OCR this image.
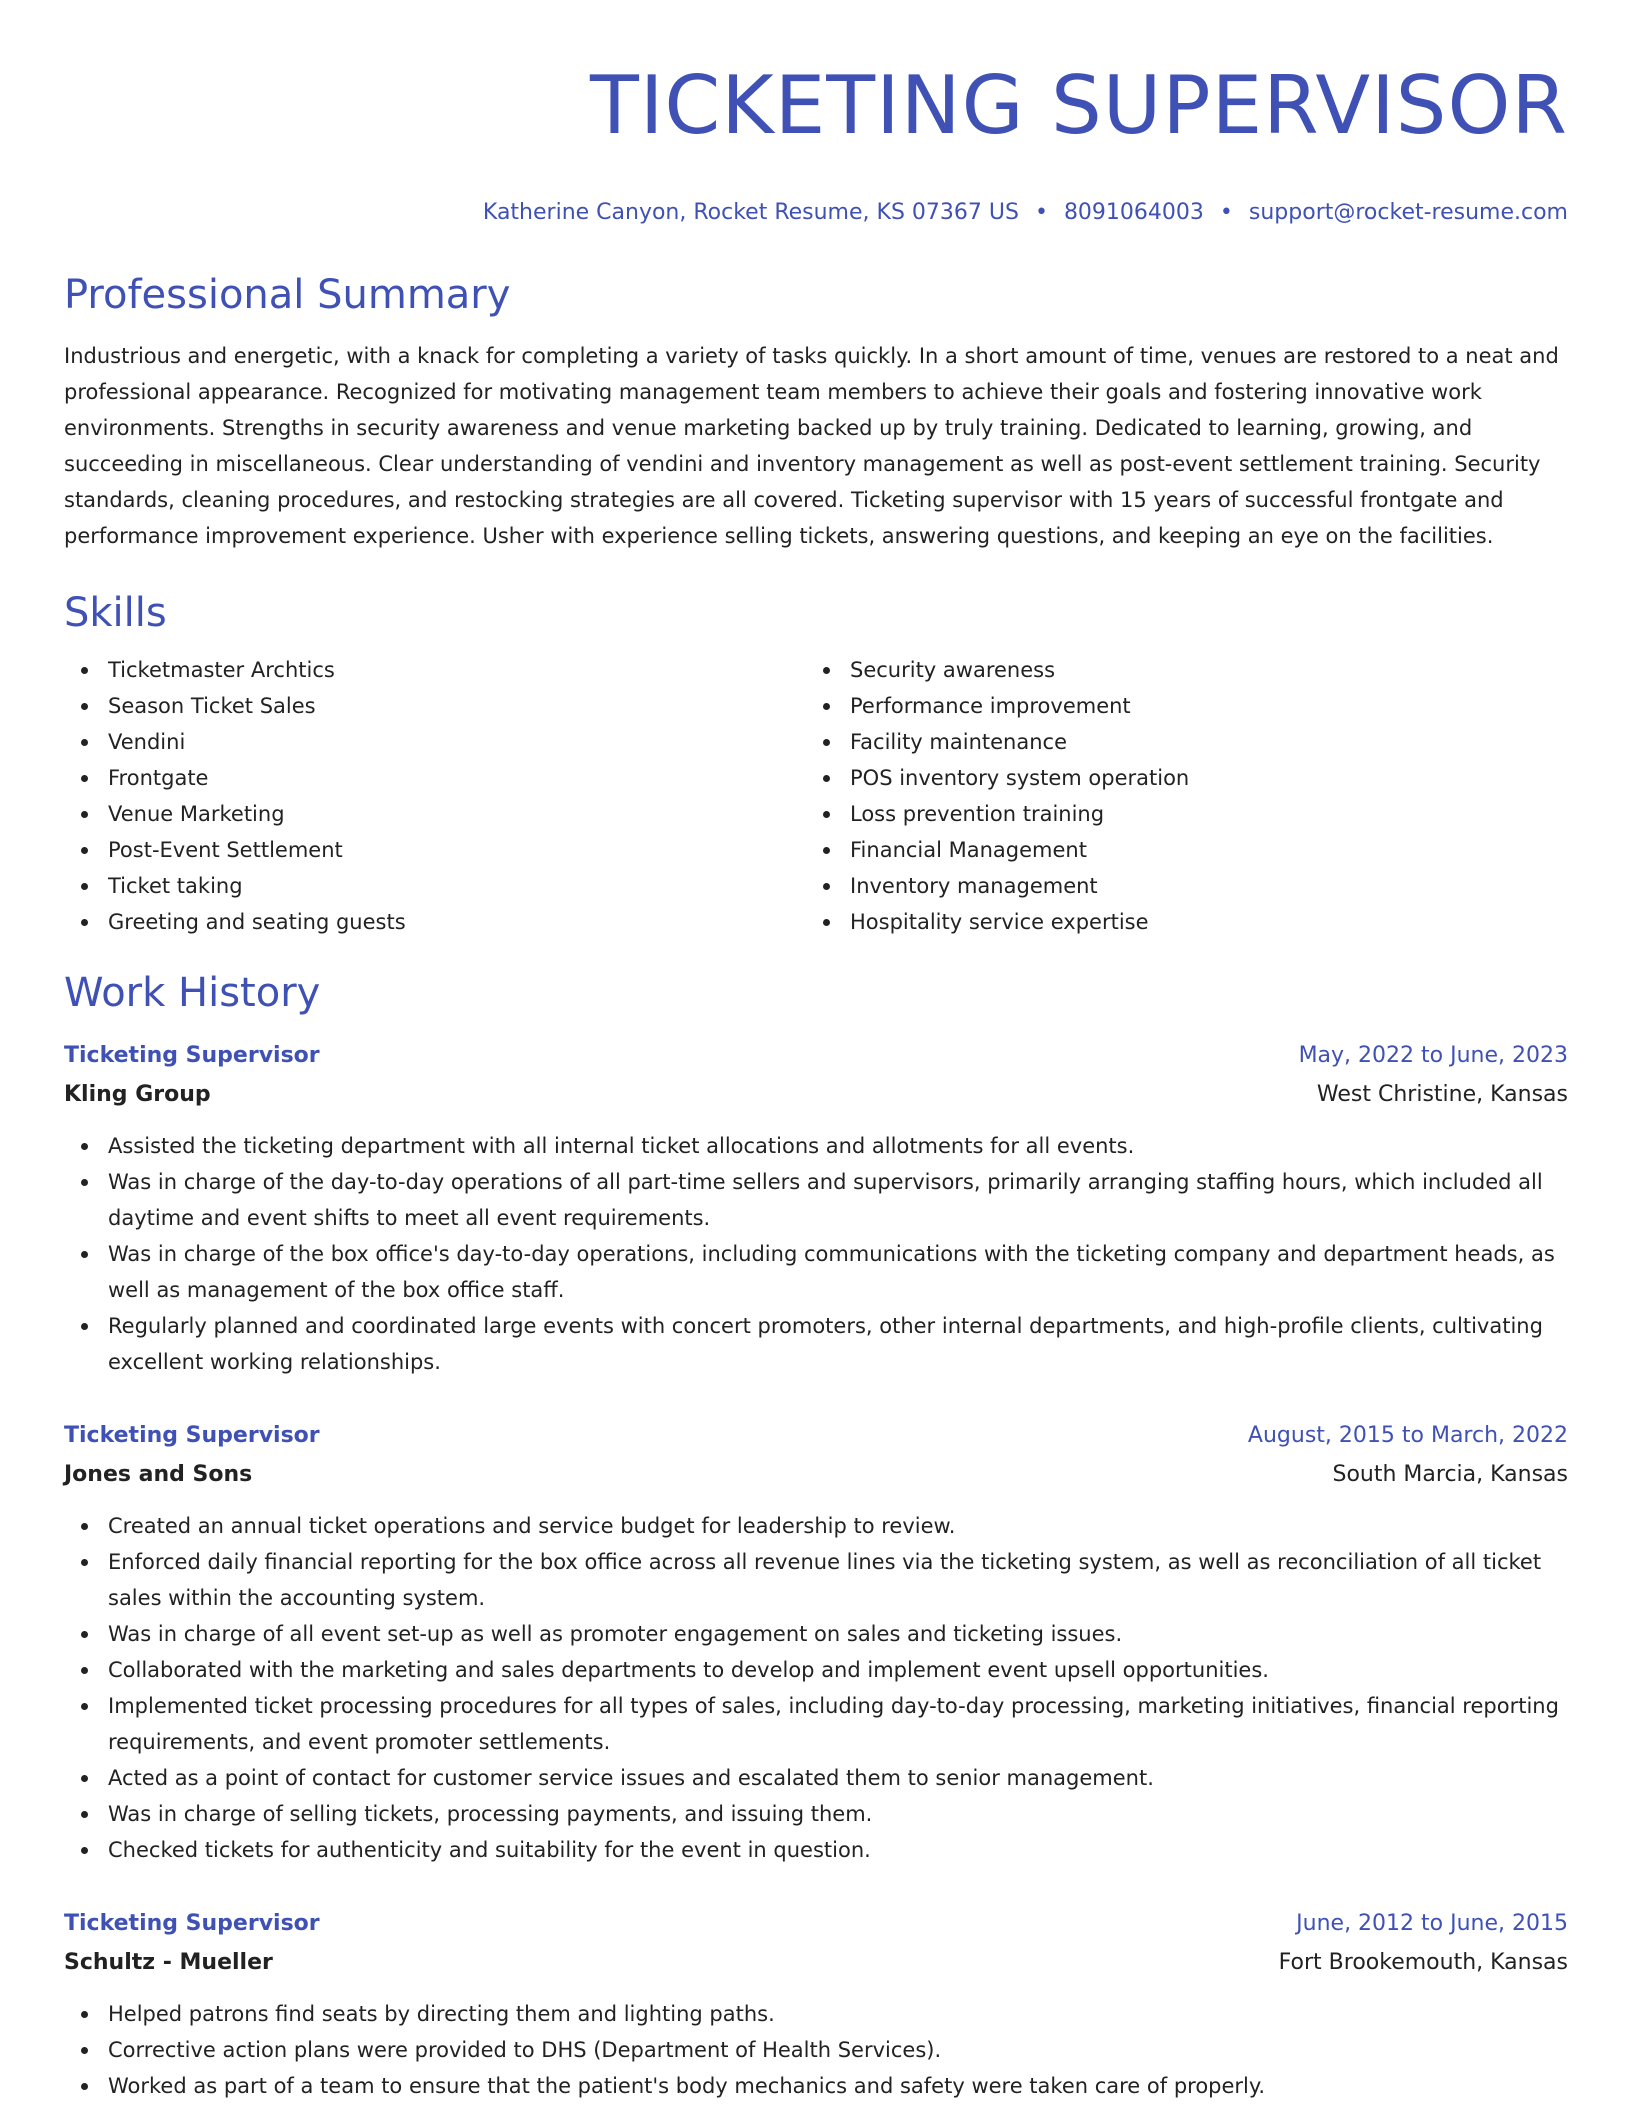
TICKETING SUPERVISOR
Katherine Canyon, Rocket Resume, KS 07367 US • 8091064003 • support@rocket-resume.com
Professional Summary

Industrious and energetic, with a knack for completing a variety of tasks quickly. In a short amount of time, venues are restored to a neat and professional appearance. Recognized for motivating management team members to achieve their goals and fostering innovative work environments. Strengths in security awareness and venue marketing backed up by truly training. Dedicated to learning, growing, and succeeding in miscellaneous. Clear understanding of vendini and inventory management as well as post-event settlement training. Security standards, cleaning procedures, and restocking strategies are all covered. Ticketing supervisor with 15 years of successful frontgate and performance improvement experience. Usher with experience selling tickets, answering questions, and keeping an eye on the facilities.

Skills
Ticketmaster Archtics
Season Ticket Sales
Vendini
Frontgate
Venue Marketing
Post-Event Settlement
Ticket taking
Greeting and seating guests
Security awareness
Performance improvement
Facility maintenance
POS inventory system operation
Loss prevention training
Financial Management
Inventory management
Hospitality service expertise
Work History
Ticketing Supervisor	May, 2022 to June, 2023
Kling Group	West Christine, Kansas
Assisted the ticketing department with all internal ticket allocations and allotments for all events.
Was in charge of the day-to-day operations of all part-time sellers and supervisors, primarily arranging staffing hours, which included all daytime and event shifts to meet all event requirements.
Was in charge of the box office's day-to-day operations, including communications with the ticketing company and department heads, as well as management of the box office staff.
Regularly planned and coordinated large events with concert promoters, other internal departments, and high-profile clients, cultivating excellent working relationships.
Ticketing Supervisor	August, 2015 to March, 2022
Jones and Sons	South Marcia, Kansas
Created an annual ticket operations and service budget for leadership to review.
Enforced daily financial reporting for the box office across all revenue lines via the ticketing system, as well as reconciliation of all ticket sales within the accounting system.
Was in charge of all event set-up as well as promoter engagement on sales and ticketing issues.
Collaborated with the marketing and sales departments to develop and implement event upsell opportunities.
Implemented ticket processing procedures for all types of sales, including day-to-day processing, marketing initiatives, financial reporting requirements, and event promoter settlements.
Acted as a point of contact for customer service issues and escalated them to senior management.
Was in charge of selling tickets, processing payments, and issuing them.
Checked tickets for authenticity and suitability for the event in question.
Ticketing Supervisor	June, 2012 to June, 2015
Schultz - Mueller	Fort Brookemouth, Kansas
Helped patrons find seats by directing them and lighting paths.
Corrective action plans were provided to DHS (Department of Health Services).
Worked as part of a team to ensure that the patient's body mechanics and safety were taken care of properly.
